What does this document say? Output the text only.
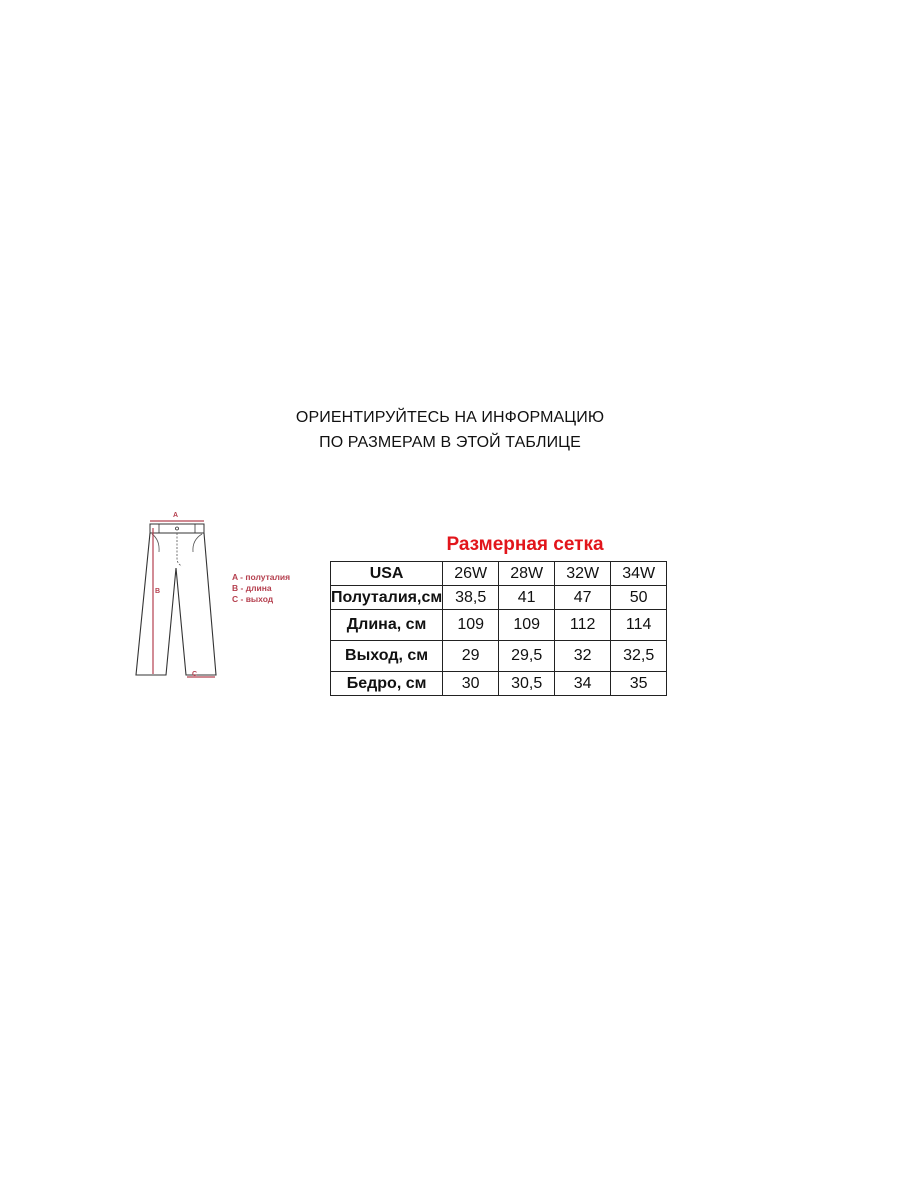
ОРИЕНТИРУЙТЕСЬ НА ИНФОРМАЦИЮ
ПО РАЗМЕРАМ В ЭТОЙ ТАБЛИЦЕ
A
B
C
A - полуталия
B - длина
C - выход
Размерная сетка
USA	26W	28W	32W	34W
Полуталия,см	38,5	41	47	50
Длина, см	109	109	112	114
Выход, см	29	29,5	32	32,5
Бедро, см	30	30,5	34	35
